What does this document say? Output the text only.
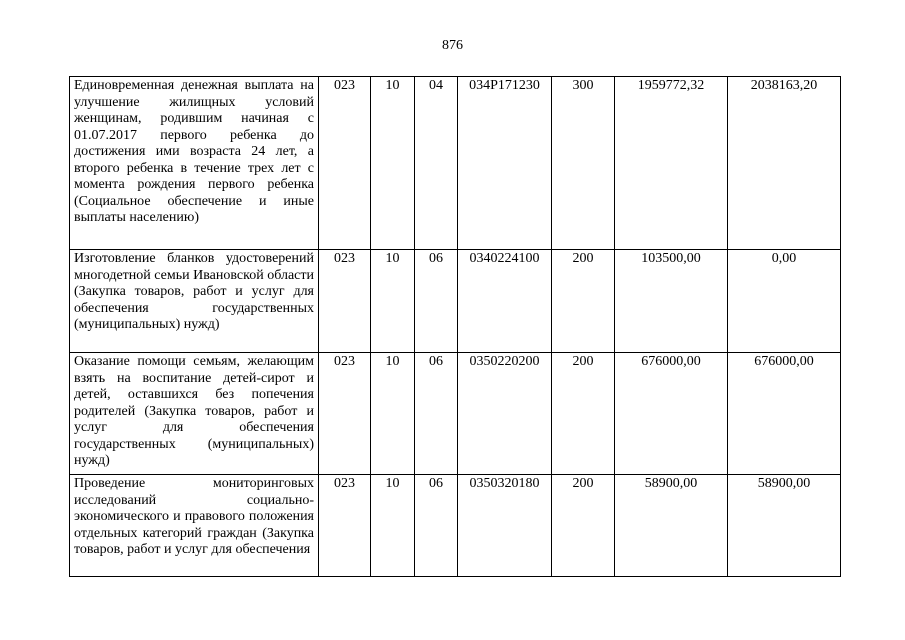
876
Единовременная денежная выплата на улучшение жилищных условий женщинам, родившим начиная с 01.07.2017 первого ребенка до достижения ими возраста 24 лет, а второго ребенка в течение трех лет с момента рождения первого ребенка (Социальное обеспечение и иные выплаты населению)	023	10	04	034P171230	300	1959772,32	2038163,20
Изготовление бланков удостоверений многодетной семьи Ивановской области (Закупка товаров, работ и услуг для обеспечения государственных (муниципальных) нужд)	023	10	06	0340224100	200	103500,00	0,00
Оказание помощи семьям, желающим взять на воспитание детей-сирот и детей, оставшихся без попечения родителей (Закупка товаров, работ и услуг для обеспечения государственных (муниципальных) нужд)	023	10	06	0350220200	200	676000,00	676000,00
Проведение мониторинговых исследований социально-экономического и правового положения отдельных категорий граждан (Закупка товаров, работ и услуг для обеспечения	023	10	06	0350320180	200	58900,00	58900,00
